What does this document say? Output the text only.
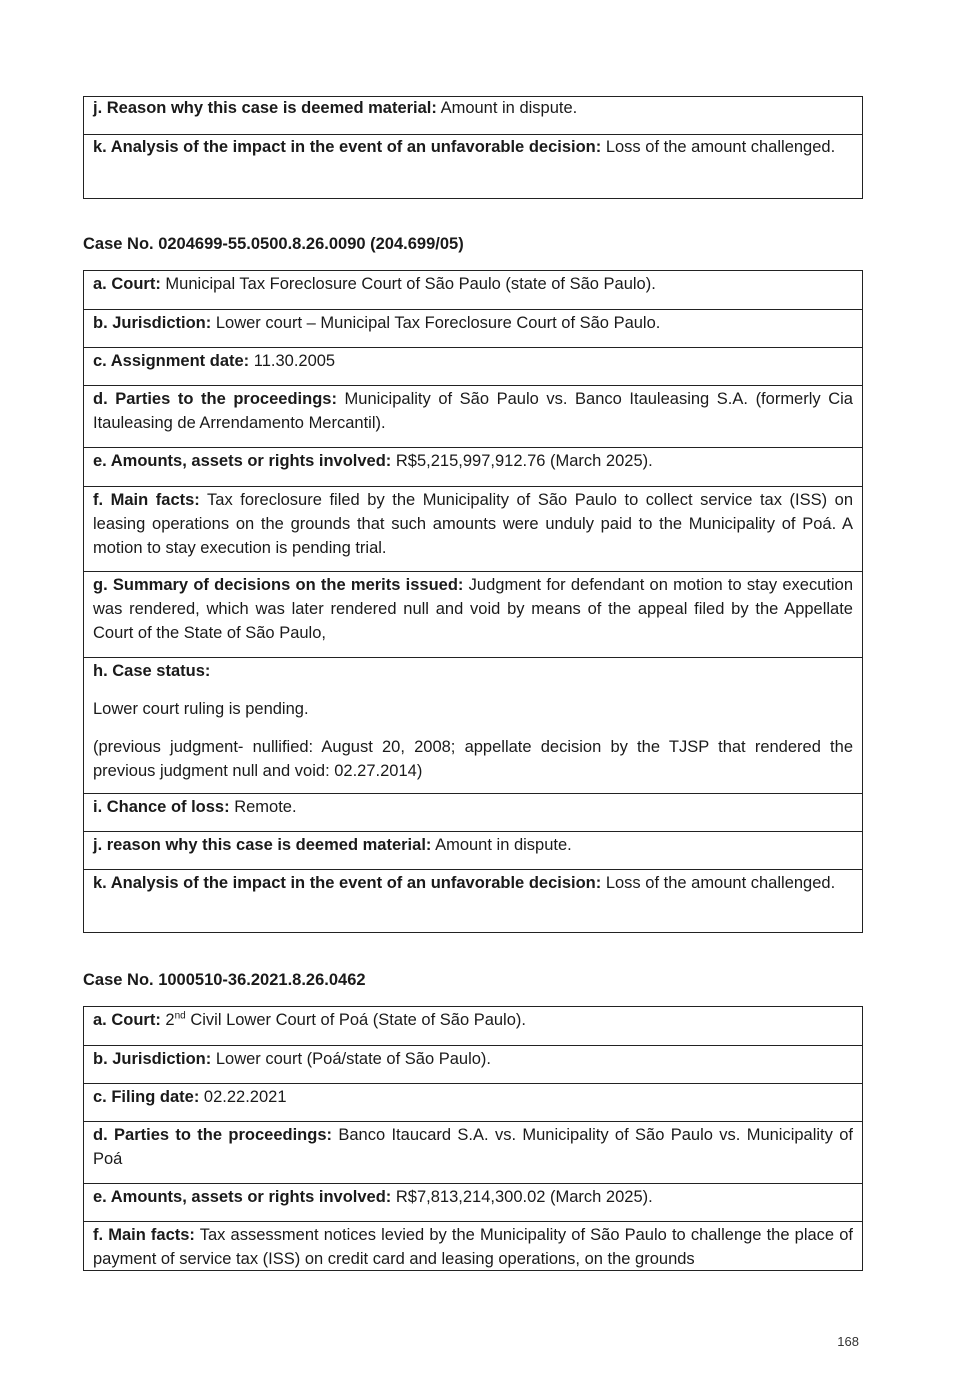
j. Reason why this case is deemed material: Amount in dispute.
k. Analysis of the impact in the event of an unfavorable decision: Loss of the amount challenged.
Case No. 0204699-55.0500.8.26.0090 (204.699/05)
a. Court: Municipal Tax Foreclosure Court of São Paulo (state of São Paulo).
b. Jurisdiction: Lower court – Municipal Tax Foreclosure Court of São Paulo.
c. Assignment date: 11.30.2005
d. Parties to the proceedings: Municipality of São Paulo vs. Banco Itauleasing S.A. (formerly Cia Itauleasing de Arrendamento Mercantil).
e. Amounts, assets or rights involved: R$5,215,997,912.76 (March 2025).
f. Main facts: Tax foreclosure filed by the Municipality of São Paulo to collect service tax (ISS) on leasing operations on the grounds that such amounts were unduly paid to the Municipality of Poá. A motion to stay execution is pending trial.
g. Summary of decisions on the merits issued: Judgment for defendant on motion to stay execution was rendered, which was later rendered null and void by means of the appeal filed by the Appellate Court of the State of São Paulo,

h. Case status:

Lower court ruling is pending.

(previous judgment- nullified: August 20, 2008; appellate decision by the TJSP that rendered the previous judgment null and void: 02.27.2014)

i. Chance of loss: Remote.
j. reason why this case is deemed material: Amount in dispute.
k. Analysis of the impact in the event of an unfavorable decision: Loss of the amount challenged.
Case No. 1000510-36.2021.8.26.0462
a. Court: 2nd Civil Lower Court of Poá (State of São Paulo).
b. Jurisdiction: Lower court (Poá/state of São Paulo).
c. Filing date: 02.22.2021
d. Parties to the proceedings: Banco Itaucard S.A. vs. Municipality of São Paulo vs. Municipality of Poá
e. Amounts, assets or rights involved: R$7,813,214,300.02 (March 2025).
f. Main facts: Tax assessment notices levied by the Municipality of São Paulo to challenge the place of payment of service tax (ISS) on credit card and leasing operations, on the grounds
168
